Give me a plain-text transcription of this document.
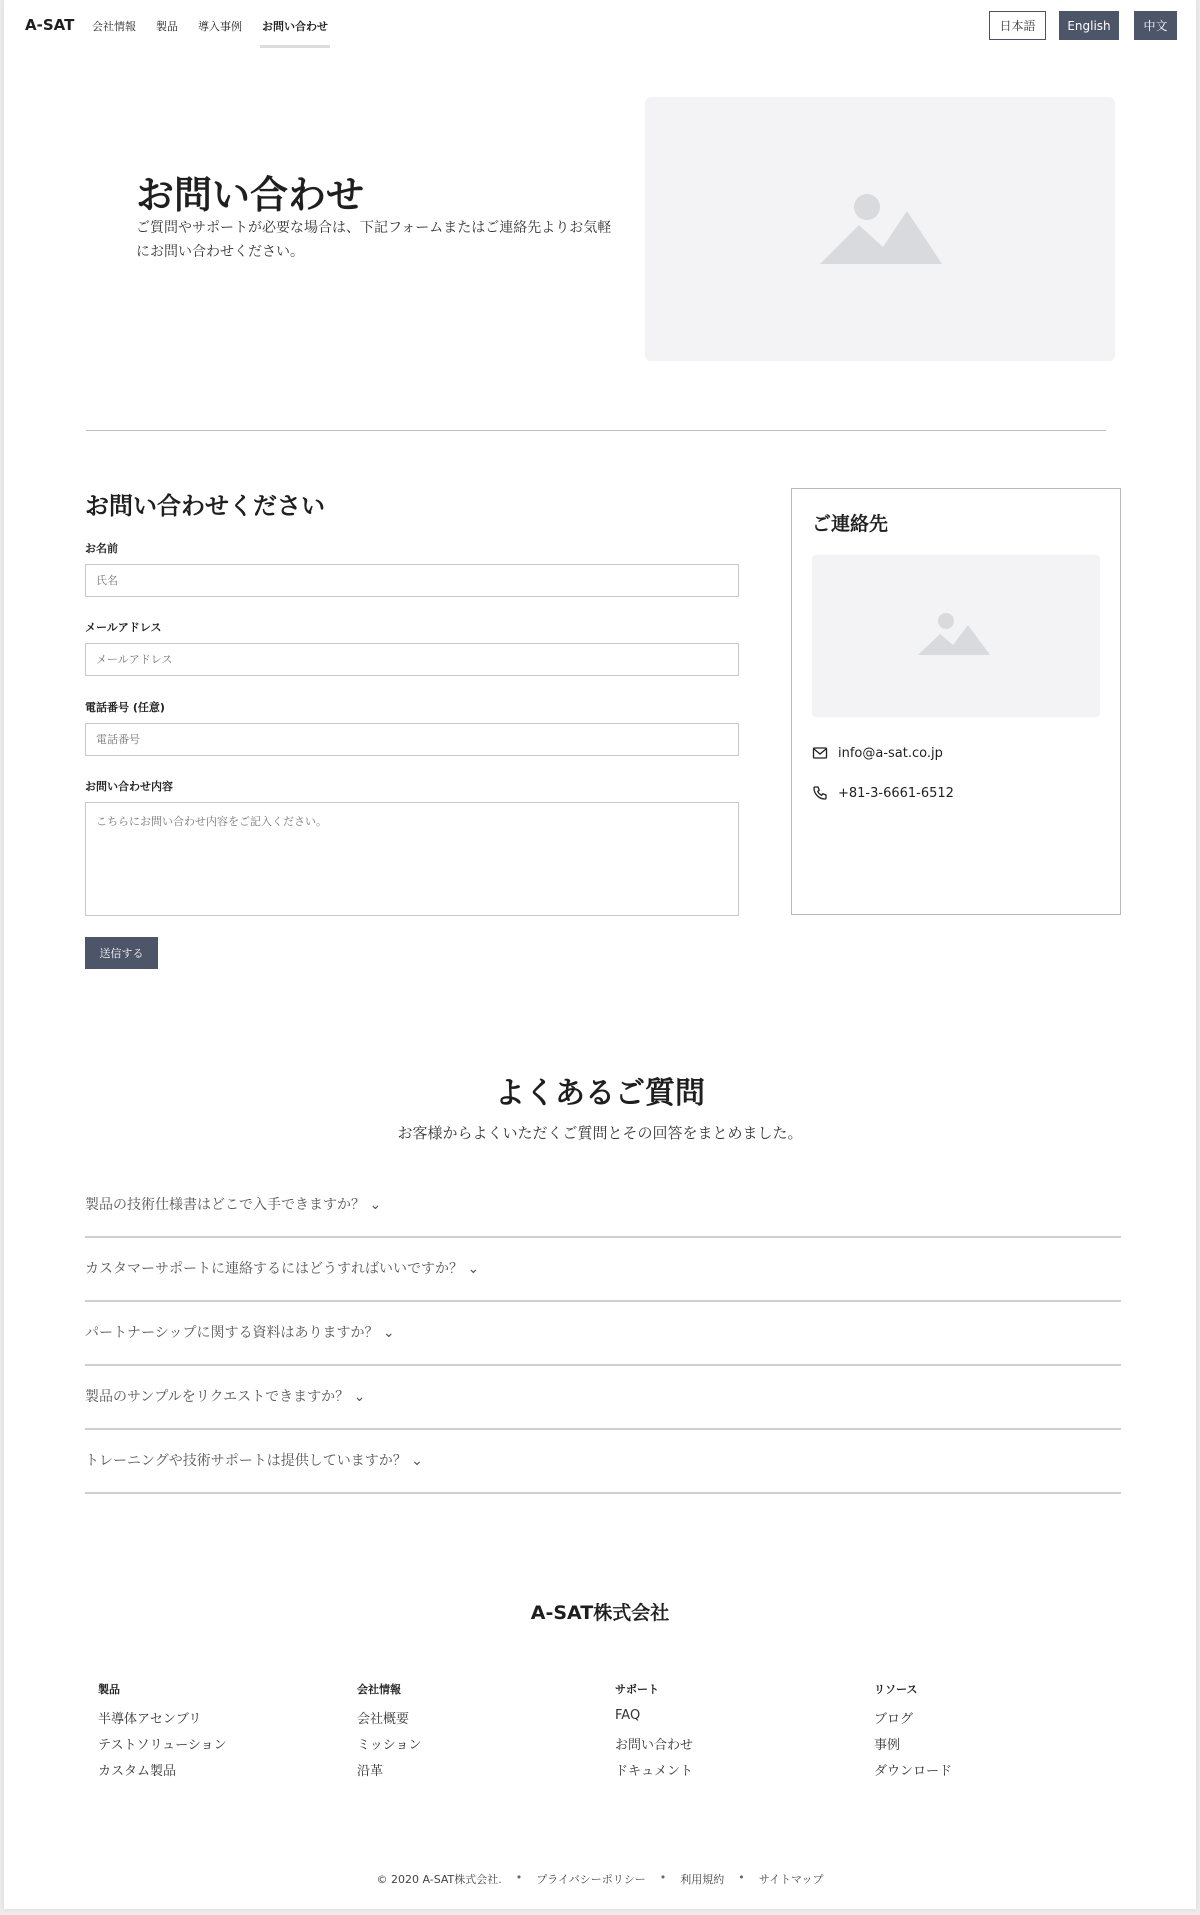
A-SAT 会社情報 製品 導入事例 お問い合わせ	日本語	English	中文
お問い合わせ

ご質問やサポートが必要な場合は、下記フォームまたはご連絡先よりお気軽にお問い合わせください。

お問い合わせください
お名前
氏名
メールアドレス
メールアドレス
電話番号 (任意)
電話番号
お問い合わせ内容
こちらにお問い合わせ内容をご記入ください。
送信する
ご連絡先
info@a-sat.co.jp
+81-3-6661-6512
よくあるご質問

お客様からよくいただくご質問とその回答をまとめました。

製品の技術仕様書はどこで入手できますか？ ⌄
カスタマーサポートに連絡するにはどうすればいいですか？ ⌄
パートナーシップに関する資料はありますか？ ⌄
製品のサンプルをリクエストできますか？ ⌄
トレーニングや技術サポートは提供していますか？ ⌄
A-SAT株式会社
製品
半導体アセンブリ
テストソリューション
カスタム製品
会社情報
会社概要
ミッション
沿革
サポート
FAQ
お問い合わせ
ドキュメント
リソース
ブログ
事例
ダウンロード
© 2020 A-SAT株式会社. • プライバシーポリシー • 利用規約 • サイトマップ
